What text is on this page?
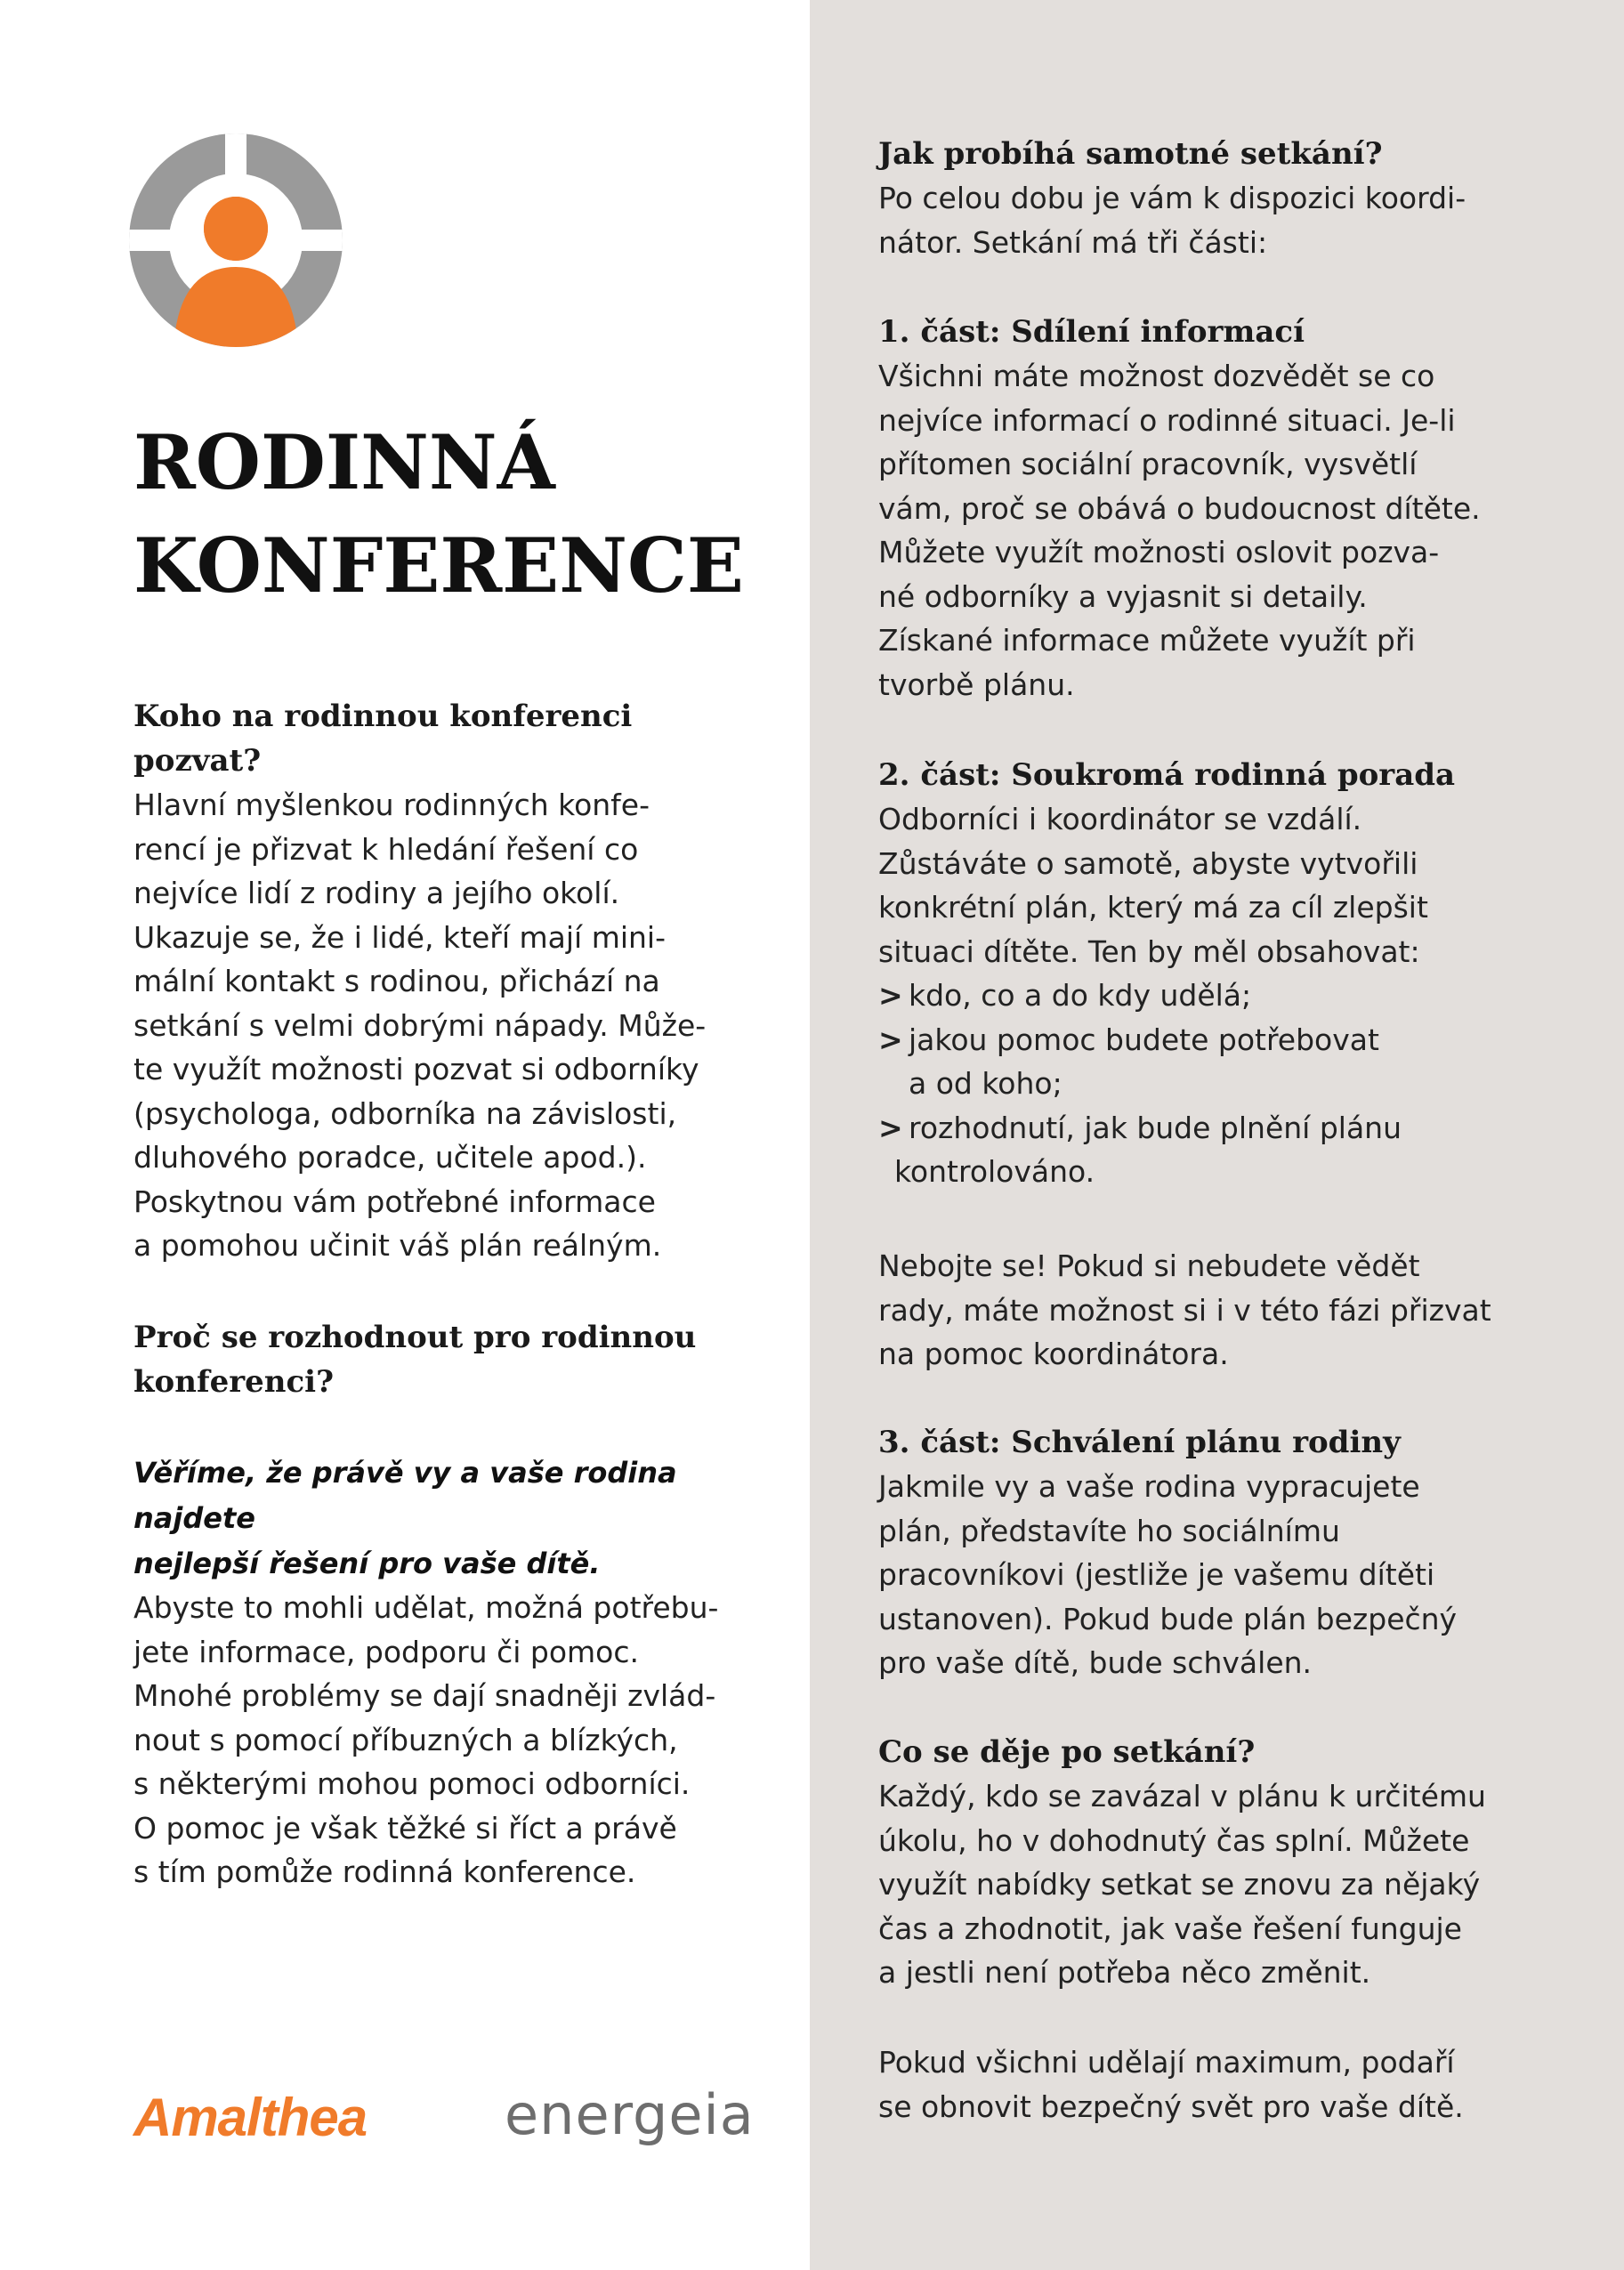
RODINNÁ
KONFERENCE
Koho na rodinnou konferenci
pozvat?

Hlavní myšlenkou rodinných konfe-
rencí je přizvat k hledání řešení co
nejvíce lidí z rodiny a jejího okolí.
Ukazuje se, že i lidé, kteří mají mini-
mální kontakt s rodinou, přichází na
setkání s velmi dobrými nápady. Může-
te využít možnosti pozvat si odborníky
(psychologa, odborníka na závislosti,
dluhového poradce, učitele apod.).
Poskytnou vám potřebné informace
a pomohou učinit váš plán reálným.

Proč se rozhodnout pro rodinnou
konferenci?

Věříme, že právě vy a vaše rodina najdete
nejlepší řešení pro vaše dítě.

Abyste to mohli udělat, možná potřebu-
jete informace, podporu či pomoc.
Mnohé problémy se dají snadněji zvlád-
nout s pomocí příbuzných a blízkých,
s některými mohou pomoci odborníci.
O pomoc je však těžké si říct a právě
s tím pomůže rodinná konference.

Amalthea energeia
Jak probíhá samotné setkání?

Po celou dobu je vám k dispozici koordi-
nátor. Setkání má tři části:

1. část: Sdílení informací

Všichni máte možnost dozvědět se co
nejvíce informací o rodinné situaci. Je-li
přítomen sociální pracovník, vysvětlí
vám, proč se obává o budoucnost dítěte.
Můžete využít možnosti oslovit pozva-
né odborníky a vyjasnit si detaily.
Získané informace můžete využít při
tvorbě plánu.

2. část: Soukromá rodinná porada

Odborníci i koordinátor se vzdálí.
Zůstáváte o samotě, abyste vytvořili
konkrétní plán, který má za cíl zlepšit
situaci dítěte. Ten by měl obsahovat:

> kdo, co a do kdy udělá;
> jakou pomoc budete potřebovat
a od koho;
> rozhodnutí, jak bude plnění plánu
kontrolováno.

Nebojte se! Pokud si nebudete vědět
rady, máte možnost si i v této fázi přizvat
na pomoc koordinátora.

3. část: Schválení plánu rodiny

Jakmile vy a vaše rodina vypracujete
plán, představíte ho sociálnímu
pracovníkovi (jestliže je vašemu dítěti
ustanoven). Pokud bude plán bezpečný
pro vaše dítě, bude schválen.

Co se děje po setkání?

Každý, kdo se zavázal v plánu k určitému
úkolu, ho v dohodnutý čas splní. Můžete
využít nabídky setkat se znovu za nějaký
čas a zhodnotit, jak vaše řešení funguje
a jestli není potřeba něco změnit.

Pokud všichni udělají maximum, podaří
se obnovit bezpečný svět pro vaše dítě.
